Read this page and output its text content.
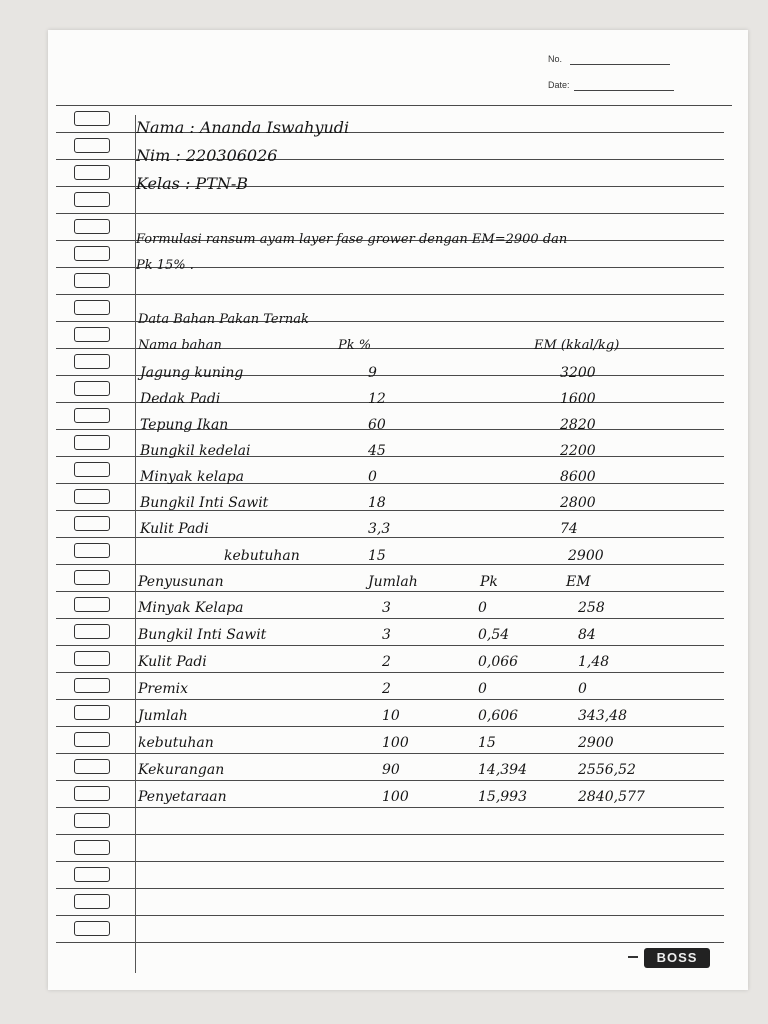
No.
Date:
Nama : Ananda Iswahyudi
Nim : 220306026
Kelas : PTN-B
Formulasi ransum ayam layer fase grower dengan EM=2900 dan
Pk 15% .
Data Bahan Pakan Ternak
Nama bahan	Pk %	EM (kkal/kg)
Jagung kuning	9	3200
Dedak Padi	12	1600
Tepung Ikan	60	2820
Bungkil kedelai	45	2200
Minyak kelapa	0	8600
Bungkil Inti Sawit	18	2800
Kulit Padi	3,3	74
kebutuhan	15	2900
Penyusunan	Jumlah	Pk	EM
Minyak Kelapa	3	0	258
Bungkil Inti Sawit	3	0,54	84
Kulit Padi	2	0,066	1,48
Premix	2	0	0
Jumlah	10	0,606	343,48
kebutuhan	100	15	2900
Kekurangan	90	14,394	2556,52
Penyetaraan	100	15,993	2840,577
BOSS
